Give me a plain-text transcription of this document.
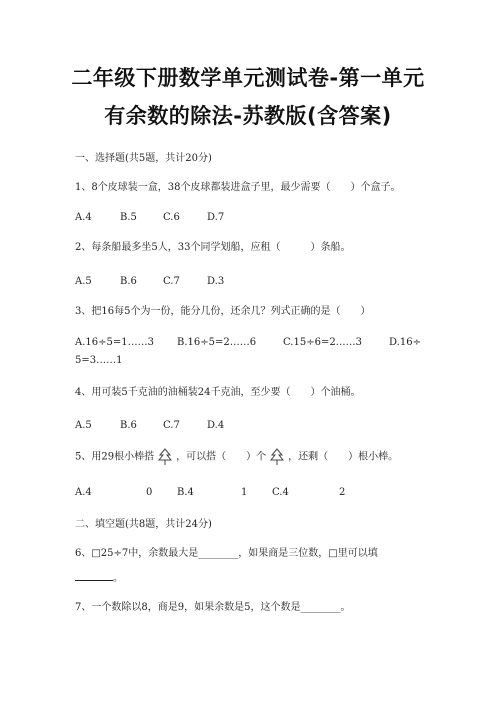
二年级下册数学单元测试卷-第一单元
有余数的除法-苏教版(含答案)
一、选择题(共5题，共计20分)
1、8个皮球装一盒，38个皮球都装进盒子里，最少需要（　　）个盒子。
A.4	B.5	C.6	D.7
2、每条船最多坐5人，33个同学划船，应租（　　　）条船。
A.5	B.6	C.7	D.3
3、把16每5个为一份，能分几份，还余几？列式正确的是（　　）
A.16÷5=1……3 B.16÷5=2……6	C.15÷6=2……3	D.16÷
5=3……1
4、用可装5千克油的油桶装24千克油，至少要（　　）个油桶。
A.5	B.6	C.7	D.4
5、用29根小棒搭 ，可以搭（　　）个 ，还剩（　　）根小棒。
A.4	0 B.4	1 C.4	2
二、填空题(共8题，共计24分)
6、□25÷7中，余数最大是________，如果商是三位数，□里可以填
。
7、一个数除以8，商是9，如果余数是5，这个数是________。
